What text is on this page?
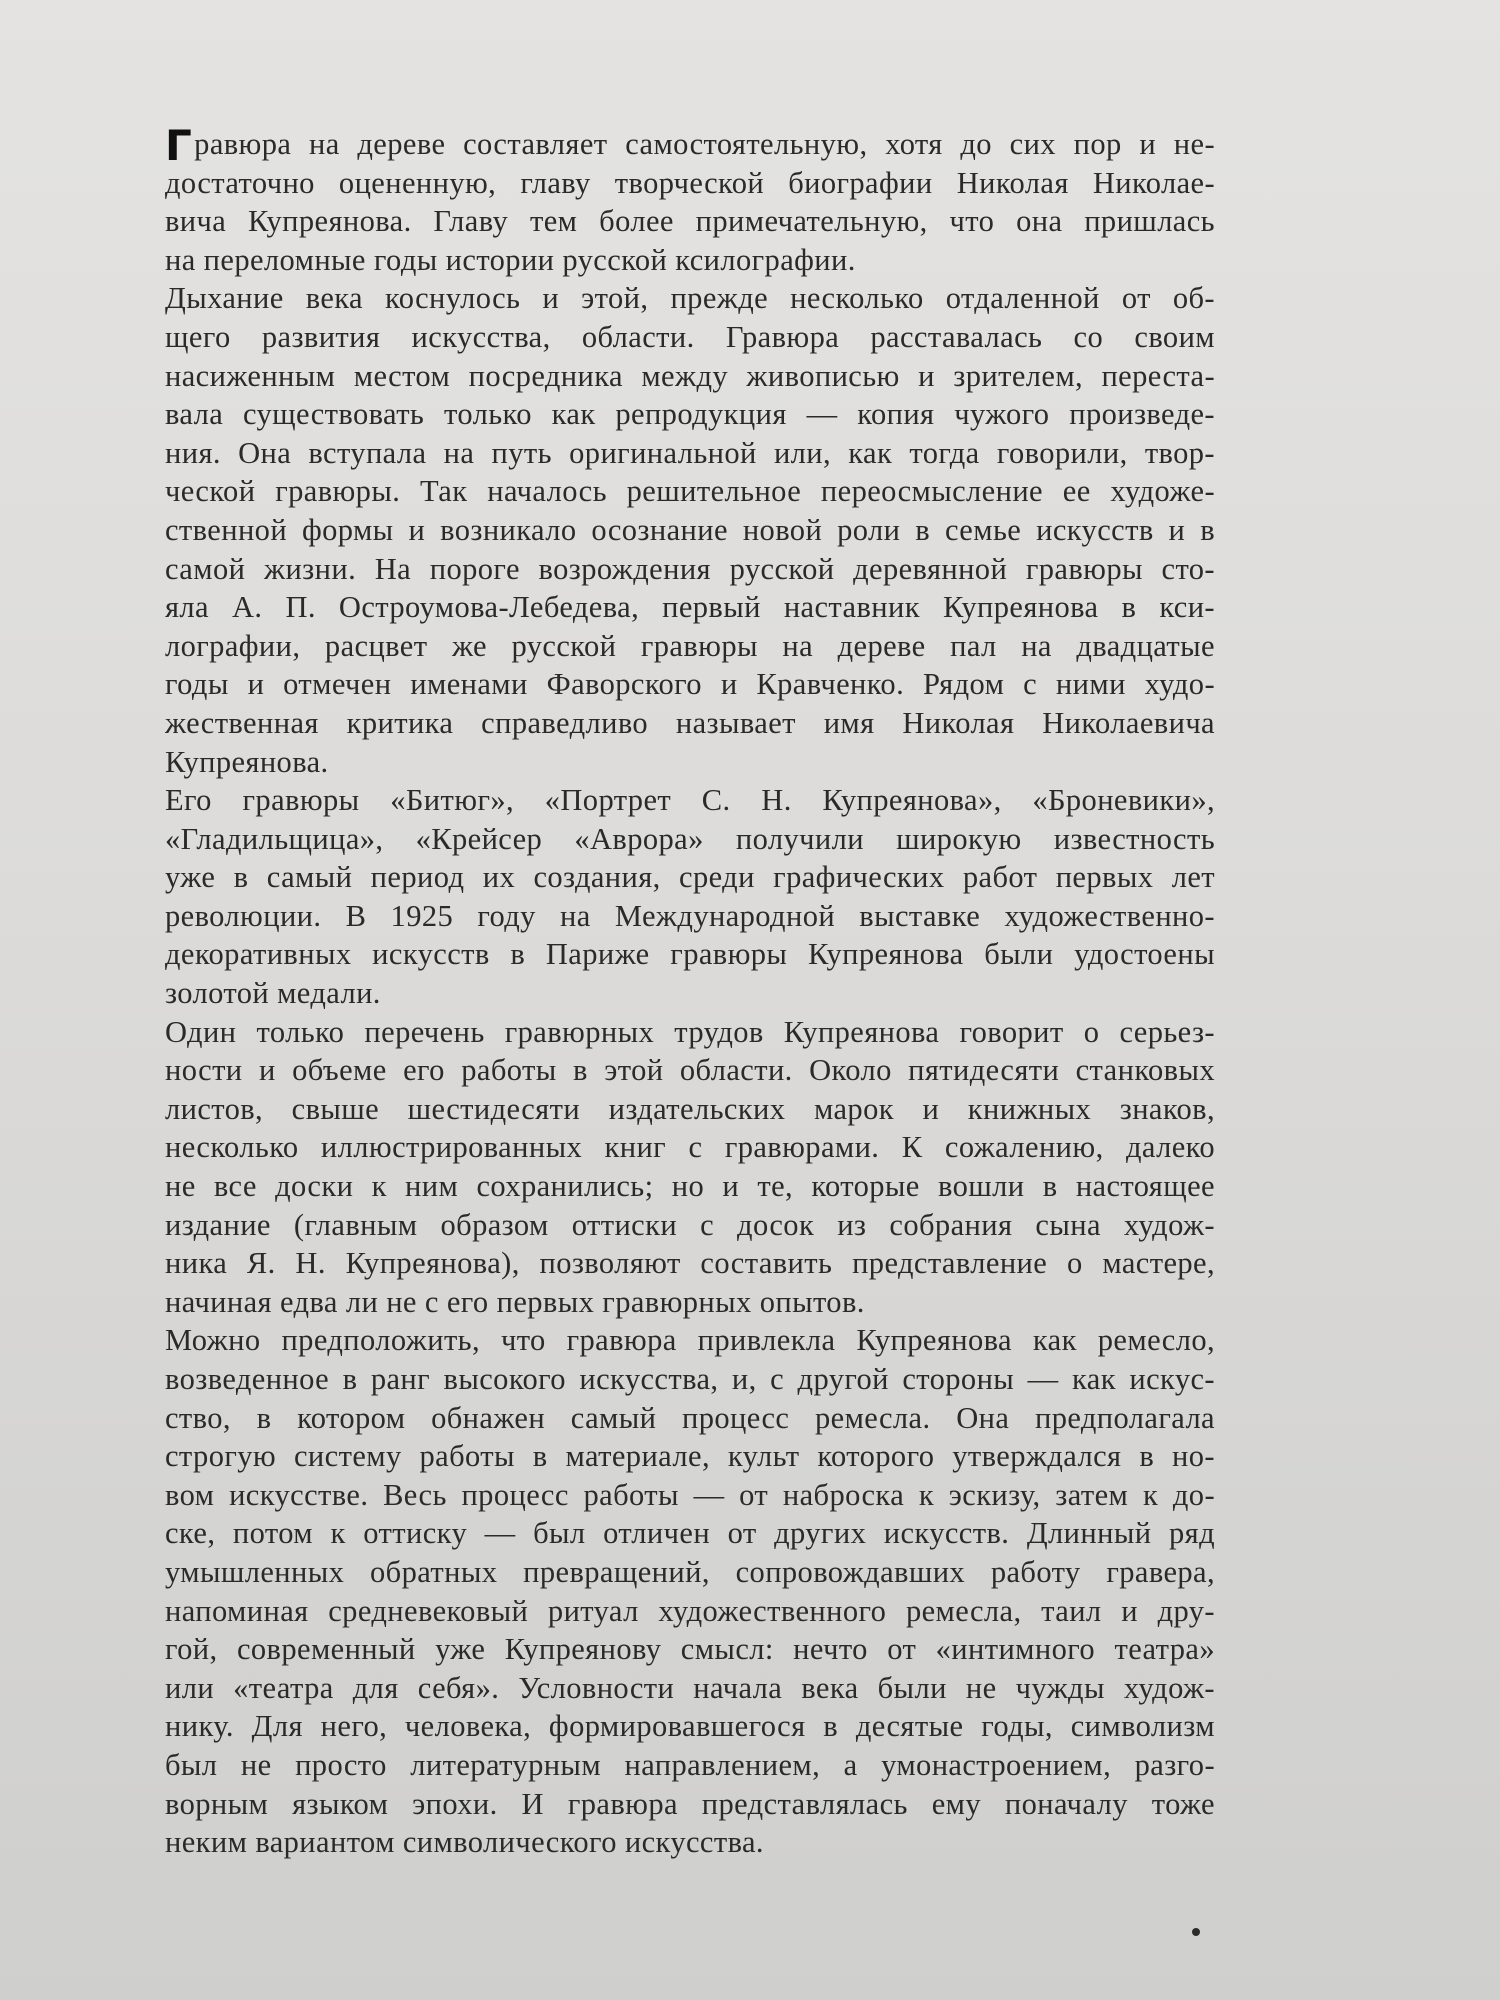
Гравюра на дереве составляет самостоятельную, хотя до сих пор и не-
достаточно оцененную, главу творческой биографии Николая Николае-
вича Купреянова. Главу тем более примечательную, что она пришлась
на переломные годы истории русской ксилографии.
Дыхание века коснулось и этой, прежде несколько отдаленной от об-
щего развития искусства, области. Гравюра расставалась со своим
насиженным местом посредника между живописью и зрителем, переста-
вала существовать только как репродукция — копия чужого произведе-
ния. Она вступала на путь оригинальной или, как тогда говорили, твор-
ческой гравюры. Так началось решительное переосмысление ее художе-
ственной формы и возникало осознание новой роли в семье искусств и в
самой жизни. На пороге возрождения русской деревянной гравюры сто-
яла А. П. Остроумова-Лебедева, первый наставник Купреянова в кси-
лографии, расцвет же русской гравюры на дереве пал на двадцатые
годы и отмечен именами Фаворского и Кравченко. Рядом с ними худо-
жественная критика справедливо называет имя Николая Николаевича
Купреянова.
Его гравюры «Битюг», «Портрет С. Н. Купреянова», «Броневики»,
«Гладильщица», «Крейсер «Аврора» получили широкую известность
уже в самый период их создания, среди графических работ первых лет
революции. В 1925 году на Международной выставке художественно-
декоративных искусств в Париже гравюры Купреянова были удостоены
золотой медали.
Один только перечень гравюрных трудов Купреянова говорит о серьез-
ности и объеме его работы в этой области. Около пятидесяти станковых
листов, свыше шестидесяти издательских марок и книжных знаков,
несколько иллюстрированных книг с гравюрами. К сожалению, далеко
не все доски к ним сохранились; но и те, которые вошли в настоящее
издание (главным образом оттиски с досок из собрания сына худож-
ника Я. Н. Купреянова), позволяют составить представление о мастере,
начиная едва ли не с его первых гравюрных опытов.
Можно предположить, что гравюра привлекла Купреянова как ремесло,
возведенное в ранг высокого искусства, и, с другой стороны — как искус-
ство, в котором обнажен самый процесс ремесла. Она предполагала
строгую систему работы в материале, культ которого утверждался в но-
вом искусстве. Весь процесс работы — от наброска к эскизу, затем к до-
ске, потом к оттиску — был отличен от других искусств. Длинный ряд
умышленных обратных превращений, сопровождавших работу гравера,
напоминая средневековый ритуал художественного ремесла, таил и дру-
гой, современный уже Купреянову смысл: нечто от «интимного театра»
или «театра для себя». Условности начала века были не чужды худож-
нику. Для него, человека, формировавшегося в десятые годы, символизм
был не просто литературным направлением, а умонастроением, разго-
ворным языком эпохи. И гравюра представлялась ему поначалу тоже
неким вариантом символического искусства.
